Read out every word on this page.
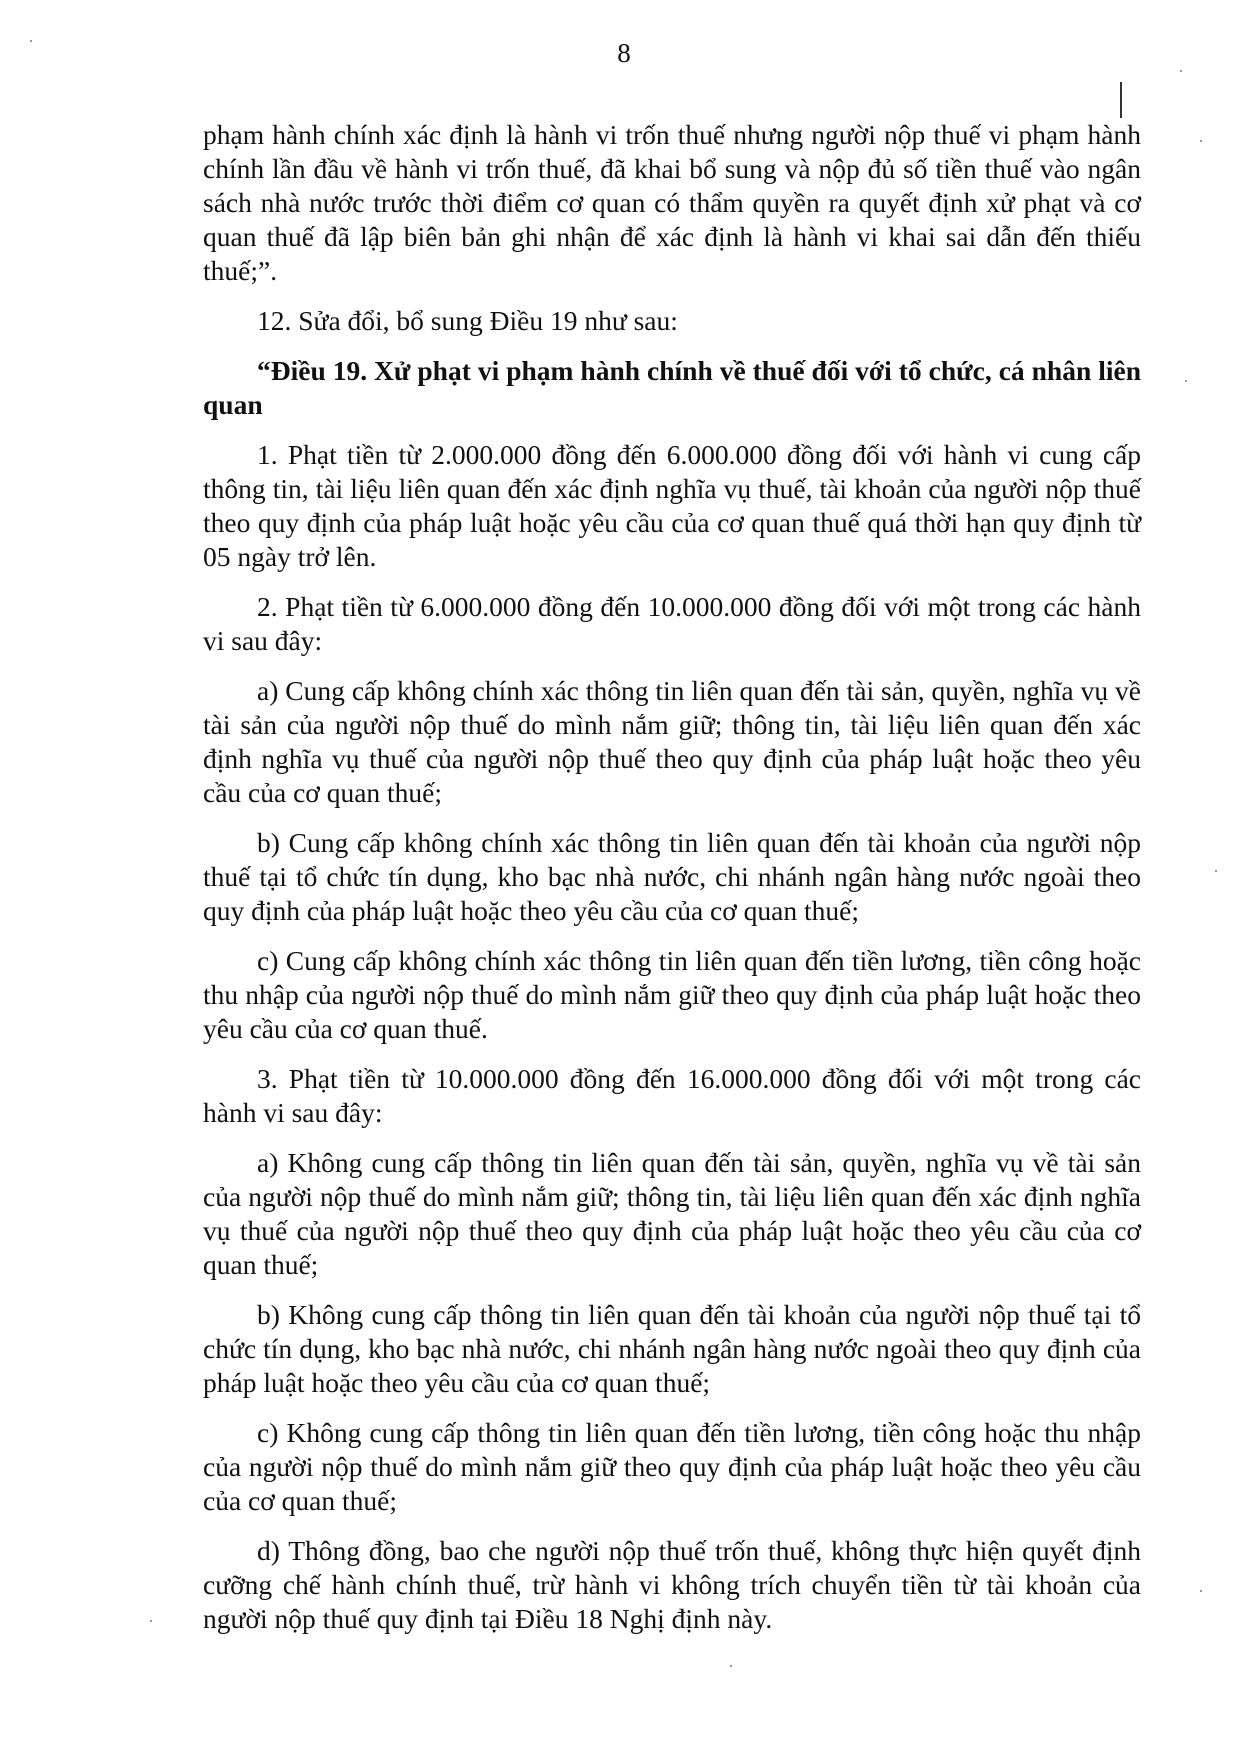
8

phạm hành chính xác định là hành vi trốn thuế nhưng người nộp thuế vi phạm hành chính lần đầu về hành vi trốn thuế, đã khai bổ sung và nộp đủ số tiền thuế vào ngân sách nhà nước trước thời điểm cơ quan có thẩm quyền ra quyết định xử phạt và cơ quan thuế đã lập biên bản ghi nhận để xác định là hành vi khai sai dẫn đến thiếu thuế;”.

12. Sửa đổi, bổ sung Điều 19 như sau:

“Điều 19. Xử phạt vi phạm hành chính về thuế đối với tổ chức, cá nhân liên quan

1. Phạt tiền từ 2.000.000 đồng đến 6.000.000 đồng đối với hành vi cung cấp thông tin, tài liệu liên quan đến xác định nghĩa vụ thuế, tài khoản của người nộp thuế theo quy định của pháp luật hoặc yêu cầu của cơ quan thuế quá thời hạn quy định từ 05 ngày trở lên.

2. Phạt tiền từ 6.000.000 đồng đến 10.000.000 đồng đối với một trong các hành vi sau đây:

a) Cung cấp không chính xác thông tin liên quan đến tài sản, quyền, nghĩa vụ về tài sản của người nộp thuế do mình nắm giữ; thông tin, tài liệu liên quan đến xác định nghĩa vụ thuế của người nộp thuế theo quy định của pháp luật hoặc theo yêu cầu của cơ quan thuế;

b) Cung cấp không chính xác thông tin liên quan đến tài khoản của người nộp thuế tại tổ chức tín dụng, kho bạc nhà nước, chi nhánh ngân hàng nước ngoài theo quy định của pháp luật hoặc theo yêu cầu của cơ quan thuế;

c) Cung cấp không chính xác thông tin liên quan đến tiền lương, tiền công hoặc thu nhập của người nộp thuế do mình nắm giữ theo quy định của pháp luật hoặc theo yêu cầu của cơ quan thuế.

3. Phạt tiền từ 10.000.000 đồng đến 16.000.000 đồng đối với một trong các hành vi sau đây:

a) Không cung cấp thông tin liên quan đến tài sản, quyền, nghĩa vụ về tài sản của người nộp thuế do mình nắm giữ; thông tin, tài liệu liên quan đến xác định nghĩa vụ thuế của người nộp thuế theo quy định của pháp luật hoặc theo yêu cầu của cơ quan thuế;

b) Không cung cấp thông tin liên quan đến tài khoản của người nộp thuế tại tổ chức tín dụng, kho bạc nhà nước, chi nhánh ngân hàng nước ngoài theo quy định của pháp luật hoặc theo yêu cầu của cơ quan thuế;

c) Không cung cấp thông tin liên quan đến tiền lương, tiền công hoặc thu nhập của người nộp thuế do mình nắm giữ theo quy định của pháp luật hoặc theo yêu cầu của cơ quan thuế;

d) Thông đồng, bao che người nộp thuế trốn thuế, không thực hiện quyết định cưỡng chế hành chính thuế, trừ hành vi không trích chuyển tiền từ tài khoản của người nộp thuế quy định tại Điều 18 Nghị định này.
